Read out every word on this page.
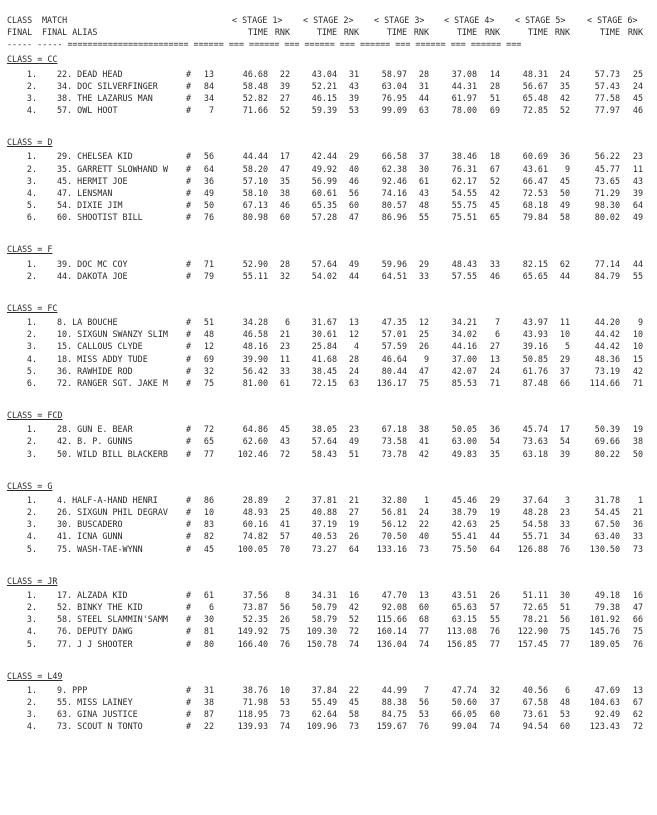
CLASS MATCH	< STAGE 1> < STAGE 2> < STAGE 3> < STAGE 4> < STAGE 5>	< STAGE 6>
FINAL FINAL ALIAS	TIME RNK	TIME RNK	TIME RNK	TIME RNK	TIME RNK	TIME RNK
----- ----- ======================== ====== === ====== === ====== === ====== === ====== === ====== ===
CLASS = CC
1. 22. DEAD HEAD	# 13	46.68 22	43.04 31	58.97 28	37.08 14	48.31 24	57.73 25
2. 34. DOC SILVERFINGER	# 84	58.48 39	52.21 43	63.04 31	44.31 28	56.67 35	57.43 24
3. 38. THE LAZARUS MAN	# 34	52.82 27	46.15 39	76.95 44	61.97 51	65.48 42	77.58 45
4. 57. OWL HOOT	# 7	71.66 52	59.39 53	99.09 63	78.00 69	72.85 52	77.97 46
CLASS = D
1. 29. CHELSEA KID	# 56	44.44 17	42.44 29	66.58 37	38.46 18	60.69 36	56.22 23
2. 35. GARRETT SLOWHAND W # 64	58.20 47	49.92 40	62.38 30	76.31 67	43.61 9	45.77 11
3. 45. HERMIT JOE	# 36	57.10 35	56.99 46	92.46 61	62.17 52	66.47 45	73.65 43
4. 47. LENSMAN	# 49	58.10 38	60.61 56	74.16 43	54.55 42	72.53 50	71.29 39
5. 54. DIXIE JIM	# 50	67.13 46	65.35 60	80.57 48	55.75 45	68.18 49	98.30 64
6. 60. SHOOTIST BILL	# 76	80.98 60	57.28 47	86.96 55	75.51 65	79.84 58	80.02 49
CLASS = F
1. 39. DOC MC COY	# 71	52.90 28	57.64 49	59.96 29	48.43 33	82.15 62	77.14 44
2. 44. DAKOTA JOE	# 79	55.11 32	54.02 44	64.51 33	57.55 46	65.65 44	84.79 55
CLASS = FC
1. 8. LA BOUCHE	# 51	34.28 6	31.67 13	47.35 12	34.21 7	43.97 11	44.20 9
2. 10. SIXGUN SWANZY SLIM # 48	46.58 21	30.61 12	57.01 25	34.02 6	43.93 10	44.42 10
3. 15. CALLOUS CLYDE	# 12	48.16 23	25.84 4	57.59 26	44.16 27	39.16 5	44.42 10
4. 18. MISS ADDY TUDE	# 69	39.90 11	41.68 28	46.64 9	37.00 13	50.85 29	48.36 15
5. 36. RAWHIDE ROD	# 32	56.42 33	38.45 24	80.44 47	42.07 24	61.76 37	73.19 42
6. 72. RANGER SGT. JAKE M # 75	81.00 61	72.15 63 136.17 75	85.53 71	87.48 66 114.66 71
CLASS = FCD
1. 28. GUN E. BEAR	# 72	64.86 45	38.05 23	67.18 38	50.05 36	45.74 17	50.39 19
2. 42. B. P. GUNNS	# 65	62.60 43	57.64 49	73.58 41	63.00 54	73.63 54	69.66 38
3. 50. WILD BILL BLACKERB # 77	102.46 72	58.43 51	73.78 42	49.83 35	63.18 39	80.22 50
CLASS = G
1. 4. HALF-A-HAND HENRI	# 86	28.89 2	37.81 21	32.80 1	45.46 29	37.64 3	31.78 1
2. 26. SIXGUN PHIL DEGRAV # 10	48.93 25	40.88 27	56.81 24	38.79 19	48.28 23	54.45 21
3. 30. BUSCADERO	# 83	60.16 41	37.19 19	56.12 22	42.63 25	54.58 33	67.50 36
4. 41. ICNA GUNN	# 82	74.82 57	40.53 26	70.50 40	55.41 44	55.71 34	63.40 33
5. 75. WASH-TAE-WYNN	# 45	100.05 70	73.27 64 133.16 73	75.50 64 126.88 76 130.50 73
CLASS = JR
1. 17. ALZADA KID	# 61	37.56 8	34.31 16	47.70 13	43.51 26	51.11 30	49.18 16
2. 52. BINKY THE KID	# 6	73.87 56	50.79 42	92.08 60	65.63 57	72.65 51	79.38 47
3. 58. STEEL SLAMMIN'SAMM # 30	52.35 26	58.79 52 115.66 68	63.15 55	78.21 56 101.92 66
4. 76. DEPUTY DAWG	# 81	149.92 75 109.30 72 160.14 77 113.08 76 122.90 75 145.76 75
5. 77. J J SHOOTER	# 80	166.40 76 150.78 74 136.04 74 156.85 77 157.45 77 189.05 76
CLASS = L49
1. 9. PPP	# 31	38.76 10	37.84 22	44.99 7	47.74 32	40.56 6	47.69 13
2. 55. MISS LAINEY	# 38	71.98 53	55.49 45	88.38 56	50.60 37	67.58 48 104.63 67
3. 63. GINA JUSTICE	# 87	118.95 73	62.64 58	84.75 53	66.05 60	73.61 53	92.49 62
4. 73. SCOUT N TONTO	# 22	139.93 74 109.96 73 159.67 76	99.04 74	94.54 60 123.43 72
